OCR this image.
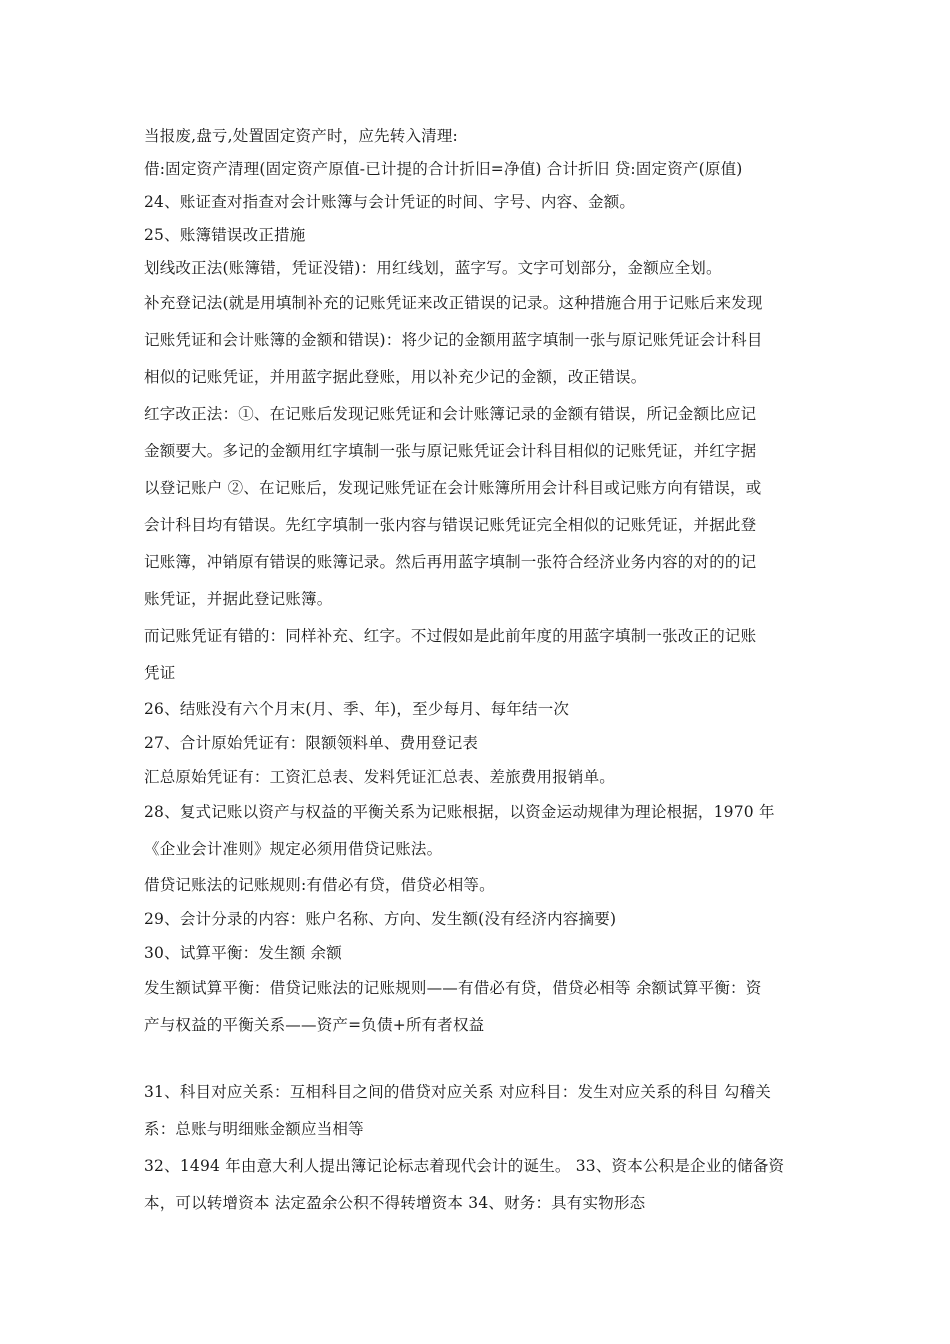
当报废,盘亏,处置固定资产时，应先转入清理:
借:固定资产清理(固定资产原值-已计提的合计折旧=净值) 合计折旧 贷:固定资产(原值)
24、账证查对指查对会计账簿与会计凭证的时间、字号、内容、金额。
25、账簿错误改正措施
划线改正法(账簿错，凭证没错)：用红线划，蓝字写。文字可划部分，金额应全划。
补充登记法(就是用填制补充的记账凭证来改正错误的记录。这种措施合用于记账后来发现
记账凭证和会计账簿的金额和错误)：将少记的金额用蓝字填制一张与原记账凭证会计科目
相似的记账凭证，并用蓝字据此登账，用以补充少记的金额，改正错误。
红字改正法：①、在记账后发现记账凭证和会计账簿记录的金额有错误，所记金额比应记
金额要大。多记的金额用红字填制一张与原记账凭证会计科目相似的记账凭证，并红字据
以登记账户 ②、在记账后，发现记账凭证在会计账簿所用会计科目或记账方向有错误，或
会计科目均有错误。先红字填制一张内容与错误记账凭证完全相似的记账凭证，并据此登
记账簿，冲销原有错误的账簿记录。然后再用蓝字填制一张符合经济业务内容的对的的记
账凭证，并据此登记账簿。
而记账凭证有错的：同样补充、红字。不过假如是此前年度的用蓝字填制一张改正的记账
凭证
26、结账没有六个月末(月、季、年)，至少每月、每年结一次
27、合计原始凭证有：限额领料单、费用登记表
汇总原始凭证有：工资汇总表、发料凭证汇总表、差旅费用报销单。
28、复式记账以资产与权益的平衡关系为记账根据，以资金运动规律为理论根据，1970 年
《企业会计准则》规定必须用借贷记账法。
借贷记账法的记账规则:有借必有贷，借贷必相等。
29、会计分录的内容：账户名称、方向、发生额(没有经济内容摘要)
30、试算平衡：发生额 余额
发生额试算平衡：借贷记账法的记账规则——有借必有贷，借贷必相等 余额试算平衡：资
产与权益的平衡关系——资产=负债+所有者权益
31、科目对应关系：互相科目之间的借贷对应关系 对应科目：发生对应关系的科目 勾稽关
系：总账与明细账金额应当相等
32、1494 年由意大利人提出簿记论标志着现代会计的诞生。 33、资本公积是企业的储备资
本，可以转增资本 法定盈余公积不得转增资本 34、财务：具有实物形态
